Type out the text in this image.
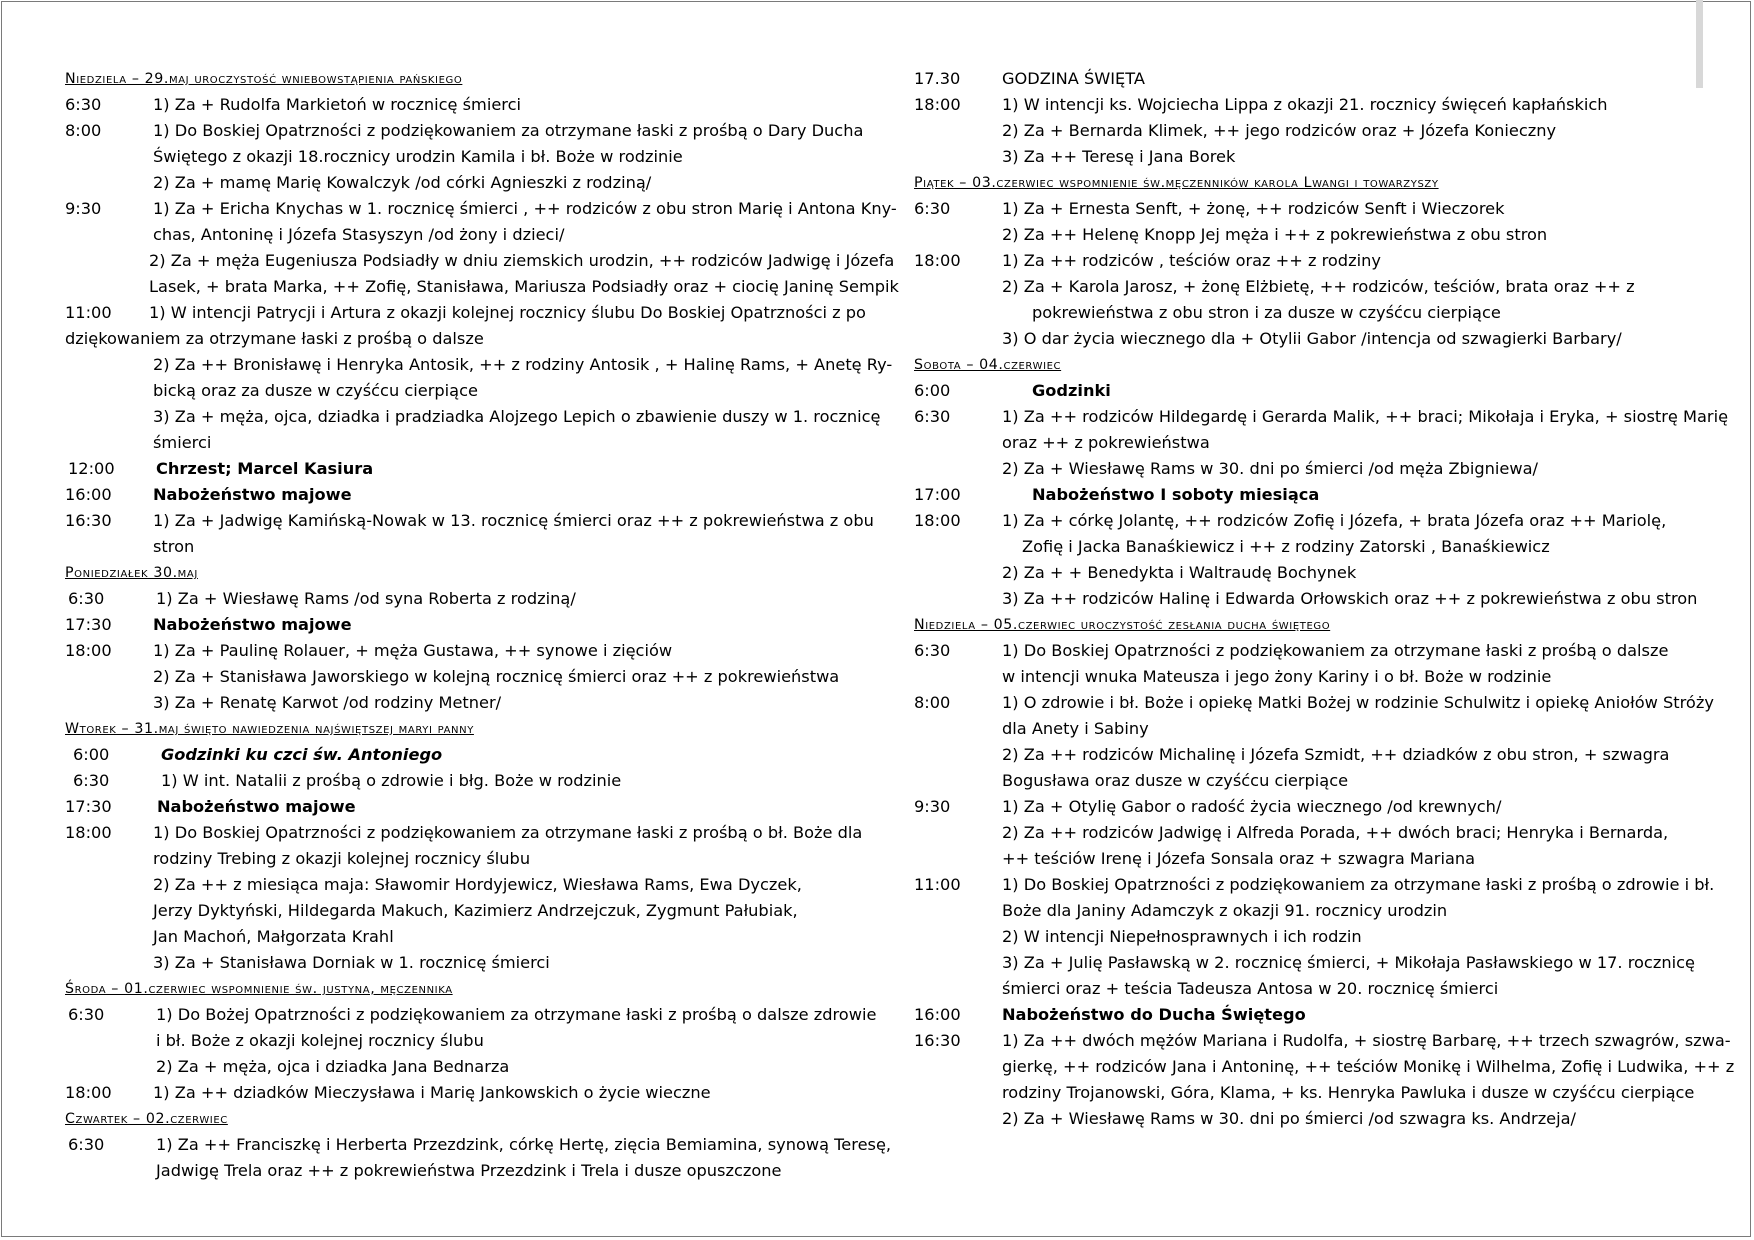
Niedziela – 29.maj uroczystość wniebowstąpienia pańskiego
6:30	1) Za + Rudolfa Markietoń w rocznicę śmierci
8:00	1) Do Boskiej Opatrzności z podziękowaniem za otrzymane łaski z prośbą o Dary Ducha
Świętego z okazji 18.rocznicy urodzin Kamila i bł. Boże w rodzinie
2) Za + mamę Marię Kowalczyk /od córki Agnieszki z rodziną/
9:30	1) Za + Ericha Knychas w 1. rocznicę śmierci , ++ rodziców z obu stron Marię i Antona Kny-
chas, Antoninę i Józefa Stasyszyn /od żony i dzieci/
2) Za + męża Eugeniusza Podsiadły w dniu ziemskich urodzin, ++ rodziców Jadwigę i Józefa
Lasek, + brata Marka, ++ Zofię, Stanisława, Mariusza Podsiadły oraz + ciocię Janinę Sempik
11:00	1) W intencji Patrycji i Artura z okazji kolejnej rocznicy ślubu Do Boskiej Opatrzności z po
dziękowaniem za otrzymane łaski z prośbą o dalsze
2) Za ++ Bronisławę i Henryka Antosik, ++ z rodziny Antosik , + Halinę Rams, + Anetę Ry-
bicką oraz za dusze w czyśćcu cierpiące
3) Za + męża, ojca, dziadka i pradziadka Alojzego Lepich o zbawienie duszy w 1. rocznicę
śmierci
12:00	Chrzest; Marcel Kasiura
16:00	Nabożeństwo majowe
16:30	1) Za + Jadwigę Kamińską-Nowak w 13. rocznicę śmierci oraz ++ z pokrewieństwa z obu
stron
Poniedziałek 30.maj
6:30	1) Za + Wiesławę Rams /od syna Roberta z rodziną/
17:30	Nabożeństwo majowe
18:00	1) Za + Paulinę Rolauer, + męża Gustawa, ++ synowe i zięciów
2) Za + Stanisława Jaworskiego w kolejną rocznicę śmierci oraz ++ z pokrewieństwa
3) Za + Renatę Karwot /od rodziny Metner/
Wtorek – 31.maj święto nawiedzenia najświętszej maryi panny
6:00	Godzinki ku czci św. Antoniego
6:30	1) W int. Natalii z prośbą o zdrowie i błg. Boże w rodzinie
17:30	Nabożeństwo majowe
18:00	1) Do Boskiej Opatrzności z podziękowaniem za otrzymane łaski z prośbą o bł. Boże dla
rodziny Trebing z okazji kolejnej rocznicy ślubu
2) Za ++ z miesiąca maja: Sławomir Hordyjewicz, Wiesława Rams, Ewa Dyczek,
Jerzy Dyktyński, Hildegarda Makuch, Kazimierz Andrzejczuk, Zygmunt Pałubiak,
Jan Machoń, Małgorzata Krahl
3) Za + Stanisława Dorniak w 1. rocznicę śmierci
Środa – 01.czerwiec wspomnienie św. justyna, męczennika
6:30	1) Do Bożej Opatrzności z podziękowaniem za otrzymane łaski z prośbą o dalsze zdrowie
i bł. Boże z okazji kolejnej rocznicy ślubu
2) Za + męża, ojca i dziadka Jana Bednarza
18:00	1) Za ++ dziadków Mieczysława i Marię Jankowskich o życie wieczne
Czwartek – 02.czerwiec
6:30	1) Za ++ Franciszkę i Herberta Przezdzink, córkę Hertę, zięcia Bemiamina, synową Teresę,
Jadwigę Trela oraz ++ z pokrewieństwa Przezdzink i Trela i dusze opuszczone
17.30	GODZINA ŚWIĘTA
18:00	1) W intencji ks. Wojciecha Lippa z okazji 21. rocznicy święceń kapłańskich
2) Za + Bernarda Klimek, ++ jego rodziców oraz + Józefa Konieczny
3) Za ++ Teresę i Jana Borek
Piątek – 03.czerwiec wspomnienie św.męczenników karola Lwangi i towarzyszy
6:30	1) Za + Ernesta Senft, + żonę, ++ rodziców Senft i Wieczorek
2) Za ++ Helenę Knopp Jej męża i ++ z pokrewieństwa z obu stron
18:00	1) Za ++ rodziców , teściów oraz ++ z rodziny
2) Za + Karola Jarosz, + żonę Elżbietę, ++ rodziców, teściów, brata oraz ++ z
pokrewieństwa z obu stron i za dusze w czyśćcu cierpiące
3) O dar życia wiecznego dla + Otylii Gabor /intencja od szwagierki Barbary/
Sobota – 04.czerwiec
6:00	Godzinki
6:30	1) Za ++ rodziców Hildegardę i Gerarda Malik, ++ braci; Mikołaja i Eryka, + siostrę Marię
oraz ++ z pokrewieństwa
2) Za + Wiesławę Rams w 30. dni po śmierci /od męża Zbigniewa/
17:00	Nabożeństwo I soboty miesiąca
18:00	1) Za + córkę Jolantę, ++ rodziców Zofię i Józefa, + brata Józefa oraz ++ Mariolę,
Zofię i Jacka Banaśkiewicz i ++ z rodziny Zatorski , Banaśkiewicz
2) Za + + Benedykta i Waltraudę Bochynek
3) Za ++ rodziców Halinę i Edwarda Orłowskich oraz ++ z pokrewieństwa z obu stron
Niedziela – 05.czerwiec uroczystość zesłania ducha świętego
6:30	1) Do Boskiej Opatrzności z podziękowaniem za otrzymane łaski z prośbą o dalsze
w intencji wnuka Mateusza i jego żony Kariny i o bł. Boże w rodzinie
8:00	1) O zdrowie i bł. Boże i opiekę Matki Bożej w rodzinie Schulwitz i opiekę Aniołów Stróży
dla Anety i Sabiny
2) Za ++ rodziców Michalinę i Józefa Szmidt, ++ dziadków z obu stron, + szwagra
Bogusława oraz dusze w czyśćcu cierpiące
9:30	1) Za + Otylię Gabor o radość życia wiecznego /od krewnych/
2) Za ++ rodziców Jadwigę i Alfreda Porada, ++ dwóch braci; Henryka i Bernarda,
++ teściów Irenę i Józefa Sonsala oraz + szwagra Mariana
11:00	1) Do Boskiej Opatrzności z podziękowaniem za otrzymane łaski z prośbą o zdrowie i bł.
Boże dla Janiny Adamczyk z okazji 91. rocznicy urodzin
2) W intencji Niepełnosprawnych i ich rodzin
3) Za + Julię Pasławską w 2. rocznicę śmierci, + Mikołaja Pasławskiego w 17. rocznicę
śmierci oraz + teścia Tadeusza Antosa w 20. rocznicę śmierci
16:00	Nabożeństwo do Ducha Świętego
16:30	1) Za ++ dwóch mężów Mariana i Rudolfa, + siostrę Barbarę, ++ trzech szwagrów, szwa-
gierkę, ++ rodziców Jana i Antoninę, ++ teściów Monikę i Wilhelma, Zofię i Ludwika, ++ z
rodziny Trojanowski, Góra, Klama, + ks. Henryka Pawluka i dusze w czyśćcu cierpiące
2) Za + Wiesławę Rams w 30. dni po śmierci /od szwagra ks. Andrzeja/
